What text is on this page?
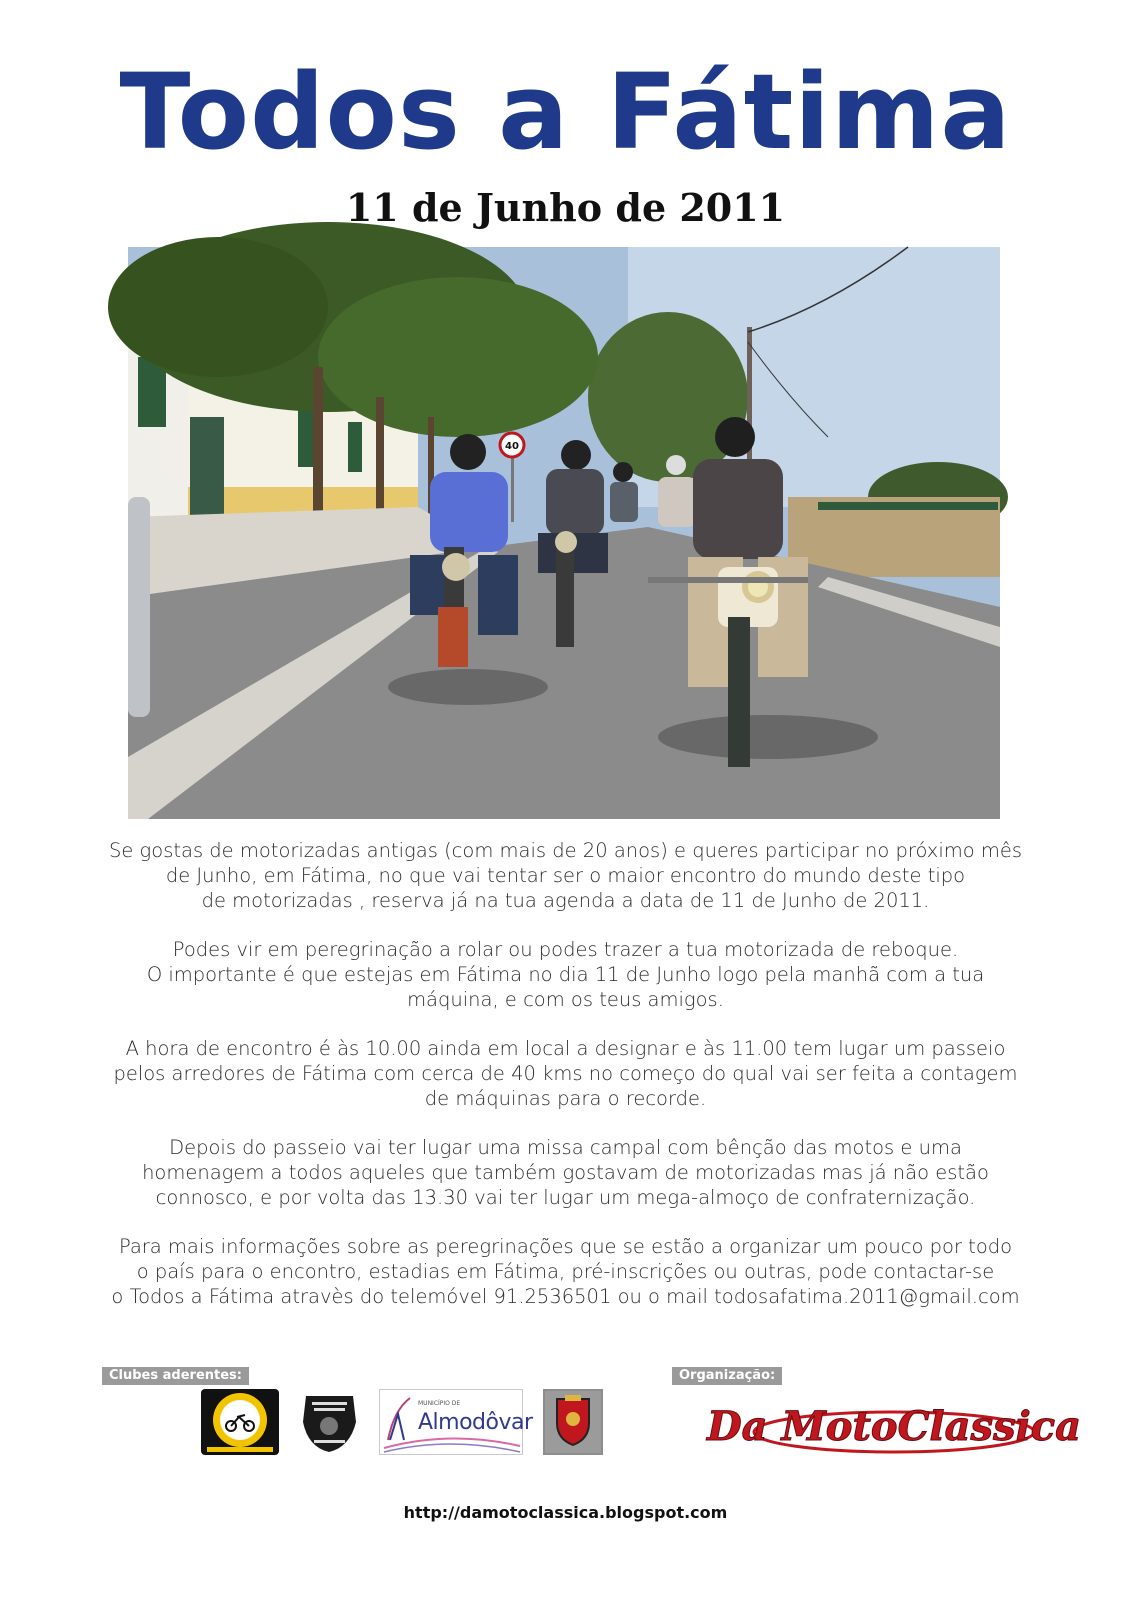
Todos a Fátima
11 de Junho de 2011
40

Se gostas de motorizadas antigas (com mais de 20 anos) e queres participar no próximo mês
de Junho, em Fátima, no que vai tentar ser o maior encontro do mundo deste tipo
de motorizadas , reserva já na tua agenda a data de 11 de Junho de 2011.

Podes vir em peregrinação a rolar ou podes trazer a tua motorizada de reboque.
O importante é que estejas em Fátima no dia 11 de Junho logo pela manhã com a tua
máquina, e com os teus amigos.

A hora de encontro é às 10.00 ainda em local a designar e às 11.00 tem lugar um passeio
pelos arredores de Fátima com cerca de 40 kms no começo do qual vai ser feita a contagem
de máquinas para o recorde.

Depois do passeio vai ter lugar uma missa campal com bênção das motos e uma
homenagem a todos aqueles que também gostavam de motorizadas mas já não estão
connosco, e por volta das 13.30 vai ter lugar um mega-almoço de confraternização.

Para mais informações sobre as peregrinações que se estão a organizar um pouco por todo
o país para o encontro, estadias em Fátima, pré-inscrições ou outras, pode contactar-se
o Todos a Fátima atravès do telemóvel 91.2536501 ou o mail todosafatima.2011@gmail.com

Clubes aderentes:	Organização:
MUNICÍPIO DE
Almodôvar	Da MotoClassica
http://damotoclassica.blogspot.com
